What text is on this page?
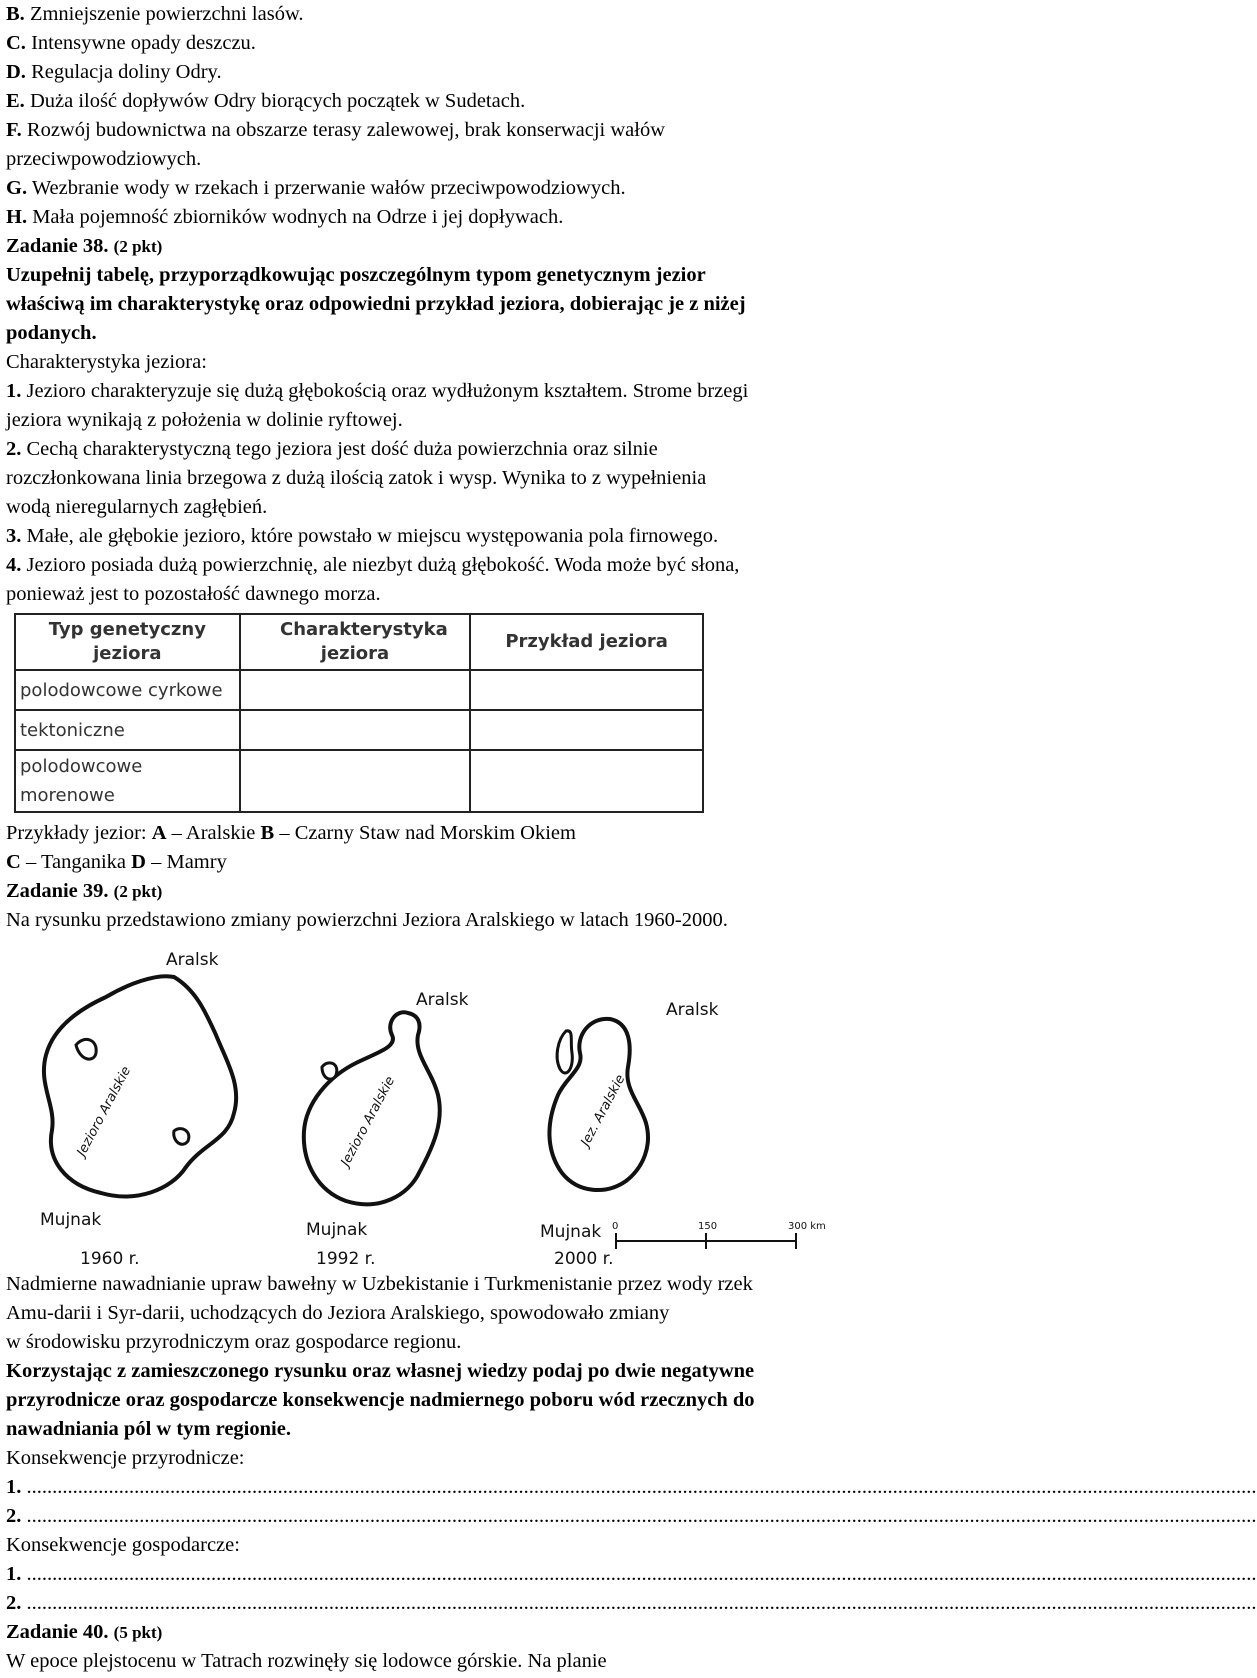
B. Zmniejszenie powierzchni lasów.
C. Intensywne opady deszczu.
D. Regulacja doliny Odry.
E. Duża ilość dopływów Odry biorących początek w Sudetach.
F. Rozwój budownictwa na obszarze terasy zalewowej, brak konserwacji wałów
przeciwpowodziowych.
G. Wezbranie wody w rzekach i przerwanie wałów przeciwpowodziowych.
H. Mała pojemność zbiorników wodnych na Odrze i jej dopływach.
Zadanie 38. (2 pkt)
Uzupełnij tabelę, przyporządkowując poszczególnym typom genetycznym jezior
właściwą im charakterystykę oraz odpowiedni przykład jeziora, dobierając je z niżej
podanych.
Charakterystyka jeziora:
1. Jezioro charakteryzuje się dużą głębokością oraz wydłużonym kształtem. Strome brzegi
jeziora wynikają z położenia w dolinie ryftowej.
2. Cechą charakterystyczną tego jeziora jest dość duża powierzchnia oraz silnie
rozczłonkowana linia brzegowa z dużą ilością zatok i wysp. Wynika to z wypełnienia
wodą nieregularnych zagłębień.
3. Małe, ale głębokie jezioro, które powstało w miejscu występowania pola firnowego.
4. Jezioro posiada dużą powierzchnię, ale niezbyt dużą głębokość. Woda może być słona,
ponieważ jest to pozostałość dawnego morza.
Typ genetyczny jeziora	Charakterystyka jeziora	Przykład jeziora
polodowcowe cyrkowe		
tektoniczne		
polodowcowe morenowe		
Przykłady jezior: A – Aralskie B – Czarny Staw nad Morskim Okiem
C – Tanganika D – Mamry
Zadanie 39. (2 pkt)
Na rysunku przedstawiono zmiany powierzchni Jeziora Aralskiego w latach 1960-2000.
Jezioro Aralskie
Aralsk
Mujnak
1960 r.
Jezioro Aralskie
Aralsk
Mujnak
1992 r.
Jez. Aralskie
Aralsk
Mujnak
2000 r.
0	150	300 km
Nadmierne nawadnianie upraw bawełny w Uzbekistanie i Turkmenistanie przez wody rzek
Amu-darii i Syr-darii, uchodzących do Jeziora Aralskiego, spowodowało zmiany
w środowisku przyrodniczym oraz gospodarce regionu.
Korzystając z zamieszczonego rysunku oraz własnej wiedzy podaj po dwie negatywne
przyrodnicze oraz gospodarcze konsekwencje nadmiernego poboru wód rzecznych do
nawadniania pól w tym regionie.
Konsekwencje przyrodnicze:
1. ................................................................................................................................................................................................................................................
2. ................................................................................................................................................................................................................................................
Konsekwencje gospodarcze:
1. ................................................................................................................................................................................................................................................
2. ................................................................................................................................................................................................................................................
Zadanie 40. (5 pkt)
W epoce plejstocenu w Tatrach rozwinęły się lodowce górskie. Na planie
